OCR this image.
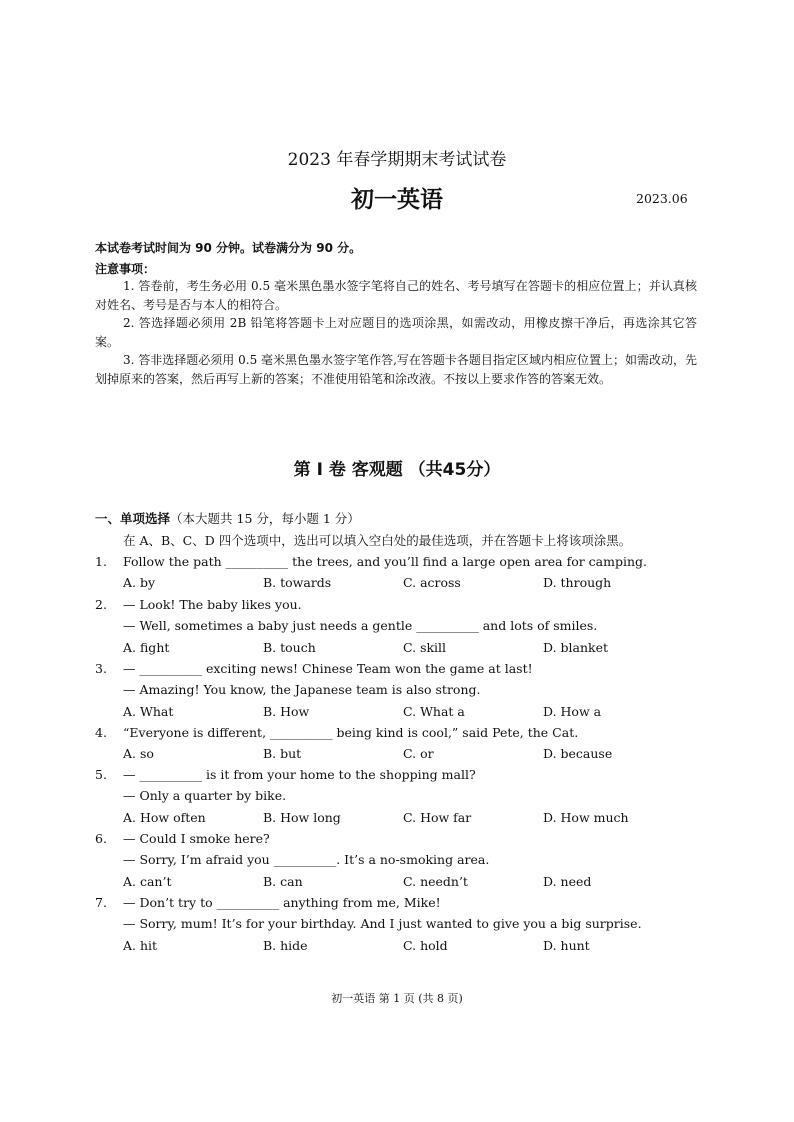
2023 年春学期期末考试试卷
初一英语	2023.06
本试卷考试时间为 90 分钟。试卷满分为 90 分。
注意事项：

1. 答卷前，考生务必用 0.5 毫米黑色墨水签字笔将自己的姓名、考号填写在答题卡的相应位置上；并认真核对姓名、考号是否与本人的相符合。

2. 答选择题必须用 2B 铅笔将答题卡上对应题目的选项涂黑，如需改动，用橡皮擦干净后，再选涂其它答案。

3. 答非选择题必须用 0.5 毫米黑色墨水签字笔作答,写在答题卡各题目指定区域内相应位置上；如需改动，先划掉原来的答案，然后再写上新的答案；不准使用铅笔和涂改液。不按以上要求作答的答案无效。

第 Ⅰ 卷 客观题 （共45分）
一、单项选择（本大题共 15 分，每小题 1 分）
在 A、B、C、D 四个选项中，选出可以填入空白处的最佳选项，并在答题卡上将该项涂黑。
1. Follow the path __________ the trees, and you’ll find a large open area for camping.
A. by	B. towards	C. across	D. through
2. — Look! The baby likes you.
— Well, sometimes a baby just needs a gentle __________ and lots of smiles.
A. fight	B. touch	C. skill	D. blanket
3. — __________ exciting news! Chinese Team won the game at last!
— Amazing! You know, the Japanese team is also strong.
A. What	B. How	C. What a	D. How a
4. “Everyone is different, __________ being kind is cool,” said Pete, the Cat.
A. so	B. but	C. or	D. because
5. — __________ is it from your home to the shopping mall?
— Only a quarter by bike.
A. How often	B. How long	C. How far	D. How much
6. — Could I smoke here?
— Sorry, I’m afraid you __________. It’s a no-smoking area.
A. can’t	B. can	C. needn’t	D. need
7. — Don’t try to __________ anything from me, Mike!
— Sorry, mum! It’s for your birthday. And I just wanted to give you a big surprise.
A. hit	B. hide	C. hold	D. hunt
初一英语 第 1 页 (共 8 页)
